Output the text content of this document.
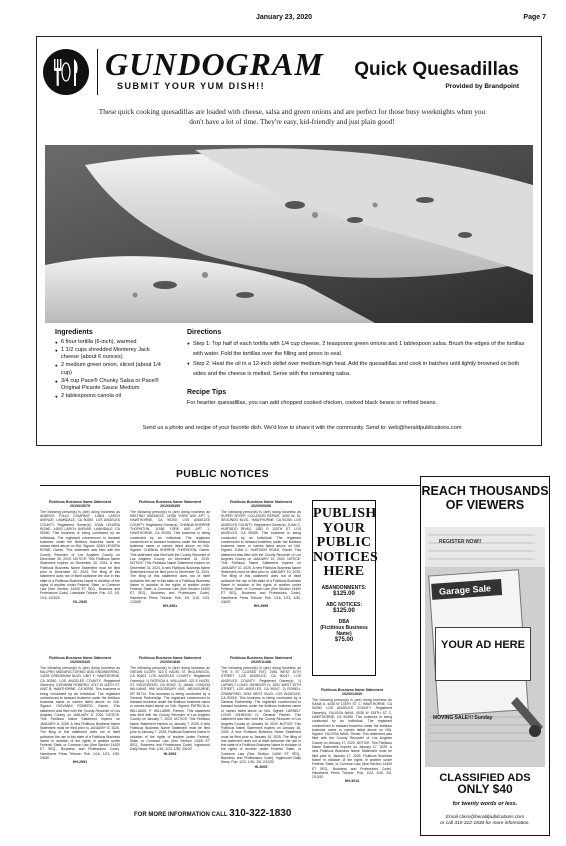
January 23, 2020	Page 7
GUNDOGRAM
SUBMIT YOUR YUM DISH!!
Quick Quesadillas
Provided by Brandpoint

These quick cooking quesadillas are loaded with cheese, salsa and green onions and are perfect for those busy weeknights when you don't have a lot of time. They're easy, kid-friendly and just plain good!

Ingredients
● 6 flour tortilla (6-inch), warmed
● 1 1/2 cups shredded Monterey Jack cheese (about 6 ounces)
● 2 medium green onion, sliced (about 1/4 cup)
● 3/4 cup Pace® Chunky Salsa or Pace® Original Picante Sauce Medium
● 2 tablespoons canola oil
Directions
● Step 1: Top half of each tortilla with 1/4 cup cheese, 2 teaspoons green onions and 1 tablespoon salsa. Brush the edges of the tortillas with water. Fold the tortillas over the filling and press to seal.
● Step 2: Heat the oil in a 12-inch skillet over medium-high heat. Add the quesadillas and cook in batches until lightly browned on both sides and the cheese is melted. Serve with the remaining salsa.
Recipe Tips
For heartier quesadillas, you can add chopped cooked chicken, cooked black beans or refried beans.
Send us a photo and recipe of your favorite dish. We'd love to share it with the community. Send to: web@heraldpublications.com
PUBLIC NOTICES
Fictitious Business Name Statement 2019315679
The following person(s) is (are) doing business as ANDROS FOLIO COMPANY, 14503 LARCH AVENUE, LAWNDALE, CA 90260. LOS ANGELES COUNTY. Registered Owner(s): JOAN LENORA ROWE, 14503 LARCH AVENUE, LAWNDALE, CA 90260. This business is being conducted by an Individual. The registrant commenced to transact business under the fictitious business name or names listed above on N/A. Signed: JOAN LENORA ROWE, Owner. This statement was filed with the County Recorder of Los Angeles County on December 30, 2019. NOTICE: This Fictitious Name Statement expires on December 30, 2024. A new Fictitious Business Name Statement must be filed prior to December 30, 2024. The filing of this statement does not of itself authorize the use in this state of a Fictitious Business Name in violation of the rights of another under Federal, State, or Common Law (See Section 14400 ET SEQ., Business and Professions Code). Lawndale Tribune: Pub. 1/2, 1/9, 1/16, 1/23/20
HL-2935
Fictitious Business Name Statement 2019335459
The following person(s) is (are) doing business as MELTINO MADNESS, 11936 YORK AVE APT 1, HAWTHORNE, CA 90250. LOS ANGELES COUNTY. Registered Owner(s): CHANNA SHERRIE THORNTON, 11936 YORK AVE APT 1, HAWTHORNE, CA 90250. This business is being conducted by an Individual. The registrant commenced to transact business under the fictitious business name or names listed above on N/A. Signed: CHANNA SHERRIE THORNTON, Owner. This statement was filed with the County Recorder of Los Angeles County on December 31, 2019. NOTICE: This Fictitious Name Statement expires on December 31, 2024. A new Fictitious Business Name Statement must be filed prior to December 31, 2024. The filing of this statement does not of itself authorize the use in this state of a Fictitious Business Name in violation of the rights of another under Federal, State, or Common Law (See Section 14400 ET SEQ., Business and Professions Code). Hawthorne Press Tribune: Pub. 1/9, 1/16, 1/23, 1/30/20
HH-2981
Fictitious Business Name Statement 2020000698
The following person(s) is (are) doing business as SUPER SPORT COLLISION REPAIR, 3450 W. EL SEGUNDO BLVD., HAWTHORNE, CA 90250. LOS ANGELES COUNTY. Registered Owner(s): JUAN C. HURTADO RIVAS, 1382 E 120TH ST, LOS ANGELES, CA 90059. This business is being conducted by an Individual. The registrant commenced to transact business under the fictitious business name or names listed above on N/A. Signed: JUAN C. HURTADO RIVAS, Owner. This statement was filed with the County Recorder of Los Angeles County on JANUARY 10, 2020. NOTICE: This Fictitious Name Statement expires on JANUARY 10, 2025. A new Fictitious Business Name Statement must be filed prior to JANUARY 10, 2025. The filing of this statement does not of itself authorize the use in this state of a Fictitious Business Name in violation of the rights of another under Federal, State, or Common Law (See Section 14400 ET SEQ., Business and Professions Code). Hawthorne Press Tribune: Pub. 1/16, 1/23, 1/30, 2/6/20
HH-2999
PUBLISH YOUR PUBLIC NOTICES HERE
ABANDONMENTS:
$125.00
ABC NOTICES:
$125.00
DBA
(Fictitious Business Name)
$75.00
Fictitious Business Name Statement 2020005445
The following person(s) is (are) doing business as MILLPRO MANUFACTURING AND ENGINEERING, 14225 CRENSHAW BLVD, UNIT F, HAWTHORNE, CA 90250. LOS ANGELES COUNTY. Registered Owner(s): GIOVANNI ROMERO, 4747 W 118TH ST, UNIT B, HAWTHORNE, CA 90250. This business is being conducted by an Individual. The registrant commenced to transact business under the fictitious business name or names listed above on N/A. Signed: GIOVANNI ROMERO, Owner. This statement was filed with the County Recorder of Los Angeles County on JANUARY 8, 2020. NOTICE: This Fictitious Name Statement expires on JANUARY 8, 2025. A new Fictitious Business Name Statement must be filed prior to JANUARY 8, 2025. The filing of this statement does not of itself authorize the use in this state of a Fictitious Business Name in violation of the rights of another under Federal, State, or Common Law (See Section 14400 ET SEQ., Business and Professions Code). Hawthorne Press Tribune: Pub. 1/16, 1/23, 1/30, 2/6/20
HH-2991
Fictitious Business Name Statement 2020001848
The following person(s) is (are) doing business as OBTAIN GLORY, 322 E HAZEL ST, INGLEWOOD, CA 90302. LOS ANGELES COUNTY. Registered Owner(s): 1) PATRICIA A. WILLIAMS, 322 E HAZEL ST, INGLEWOOD, CA 90302. 2) JAMAL LONDON WILLIAMS, 955 WOODBURY AVE, MELBOURNE, MT 59714. This business is being conducted by a General Partnership. The registrant commenced to transact business under the fictitious business name or names listed above on N/A. Signed: PATRICIA A. WILLIAMS, P. WILLIAMS, Partner. This statement was filed with the County Recorder of Los Angeles County on January 7, 2020. NOTICE: This Fictitious Name Statement expires on January 7, 2025. A new Fictitious Business Name Statement must be filed prior to January 7, 2025. Fictitious Business Name in violation of the rights of another under Federal, State, or Common Law (See Section 14400 ET SEQ., Business and Professions Code). Inglewood Daily News: Pub. 1/16, 1/23, 1/30, 2/6/20
HI-2993
Fictitious Business Name Statement 2020011488
The following person(s) is (are) doing business as THE 5 ST CLOSED FIST, 2051 WEST 87TH STREET, LOS ANGELES, CA 90047. LOS ANGELES COUNTY. Registered Owner(s): 1) LARNELT LOUIS JOHNSON IV, 2051 WEST 87TH STREET, LOS ANGELES, CA 90047. 2) RONELL CRAWFORD, 2054 WEST BLVD, LOS ANGELES, CA 90016. This business is being conducted by a General Partnership. The registrant commenced to transact business under the fictitious business name or names listed above on N/A. Signed: LARNELT LOUIS JOHNSON IV, General Partner. This statement was filed with the County Recorder of Los Angeles County on January 16, 2020. NOTICE: This Fictitious Name Statement expires on January 16, 2025. A new Fictitious Business Name Statement must be filed prior to January 16, 2025. The filing of this statement does not of itself authorize the use in this state of a Fictitious Business Name in violation of the rights of another under Federal, State, or Common Law (See Section 14400 ET SEQ., Business and Professions Code). Inglewood Daily News: Pub. 1/23, 1/30, 2/6, 2/13/20
HI-3005
Fictitious Business Name Statement 2020014949
The following person(s) is (are) doing business as NAMA 8, 4038 W 135TH ST C, HAWTHORNE, CA 90250. LOS ANGELES COUNTY. Registered Owner(s): YULISSA NAVA, 4038 W 135TH ST C, HAWTHORNE, CA 90250. This business is being conducted by an Individual. The registrant commenced to transact business under the fictitious business name or names listed above on N/A. Signed: YULISSA NAVA, Owner. This statement was filed with the County Recorder of Los Angeles County on January 17, 2020. NOTICE: This Fictitious Name Statement expires on January 17, 2025. A new Fictitious Business Name Statement must be filed prior to January 17, 2025. Fictitious Business Name in violation of the rights of another under Federal, State, or Common Law (See Section 14400 ET SEQ., Business and Professions Code). Hawthorne Press Tribune: Pub. 1/23, 1/30, 2/6, 2/13/20
HH-3013
FOR MORE INFORMATION CALL 310-322-1830
REACH THOUSANDS OF VIEWERS
REGISTER NOW!!
Garage Sale
MOVING SALE!!! Sunday
YOUR AD HERE
CLASSIFIED ADS
ONLY $40
for twenty words or less.
Email class@heraldpublications.com
or call 310-322-1830 for more information.
